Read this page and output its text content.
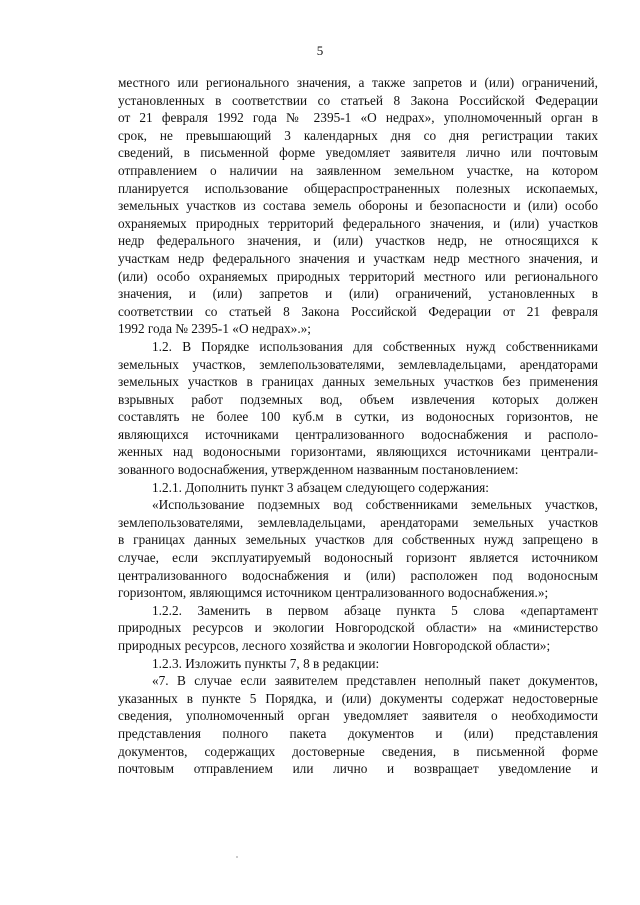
5
местного или регионального значения, а также запретов и (или) ограничений,
установленных в соответствии со статьей 8 Закона Российской Федерации
от 21 февраля 1992 года № 2395-1 «О недрах», уполномоченный орган в
срок, не превышающий 3 календарных дня со дня регистрации таких
сведений, в письменной форме уведомляет заявителя лично или почтовым
отправлением о наличии на заявленном земельном участке, на котором
планируется использование общераспространенных полезных ископаемых,
земельных участков из состава земель обороны и безопасности и (или) особо
охраняемых природных территорий федерального значения, и (или) участков
недр федерального значения, и (или) участков недр, не относящихся к
участкам недр федерального значения и участкам недр местного значения, и
(или) особо охраняемых природных территорий местного или регионального
значения, и (или) запретов и (или) ограничений, установленных в
соответствии со статьей 8 Закона Российской Федерации от 21 февраля
1992 года № 2395-1 «О недрах».»;
1.2. В Порядке использования для собственных нужд собственниками
земельных участков, землепользователями, землевладельцами, арендаторами
земельных участков в границах данных земельных участков без применения
взрывных работ подземных вод, объем извлечения которых должен
составлять не более 100 куб.м в сутки, из водоносных горизонтов, не
являющихся источниками централизованного водоснабжения и располо-
женных над водоносными горизонтами, являющихся источниками централи-
зованного водоснабжения, утвержденном названным постановлением:
1.2.1. Дополнить пункт 3 абзацем следующего содержания:
«Использование подземных вод собственниками земельных участков,
землепользователями, землевладельцами, арендаторами земельных участков
в границах данных земельных участков для собственных нужд запрещено в
случае, если эксплуатируемый водоносный горизонт является источником
централизованного водоснабжения и (или) расположен под водоносным
горизонтом, являющимся источником централизованного водоснабжения.»;
1.2.2. Заменить в первом абзаце пункта 5 слова «департамент
природных ресурсов и экологии Новгородской области» на «министерство
природных ресурсов, лесного хозяйства и экологии Новгородской области»;
1.2.3. Изложить пункты 7, 8 в редакции:
«7. В случае если заявителем представлен неполный пакет документов,
указанных в пункте 5 Порядка, и (или) документы содержат недостоверные
сведения, уполномоченный орган уведомляет заявителя о необходимости
представления полного пакета документов и (или) представления
документов, содержащих достоверные сведения, в письменной форме
почтовым отправлением или лично и возвращает уведомление и
